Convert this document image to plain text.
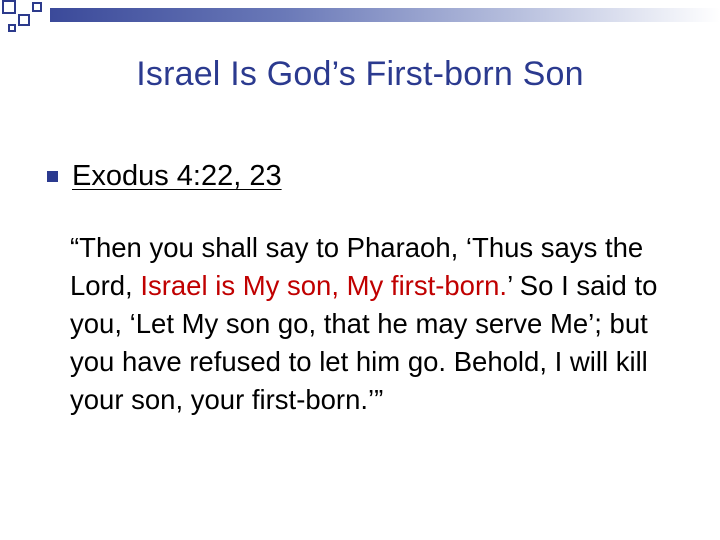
Israel Is God’s First-born Son
Exodus 4:22, 23
“Then you shall say to Pharaoh, ‘Thus says the Lord, Israel is My son, My first-born.’ So I said to you, ‘Let My son go, that he may serve Me’; but you have refused to let him go. Behold, I will kill your son, your first-born.’”
